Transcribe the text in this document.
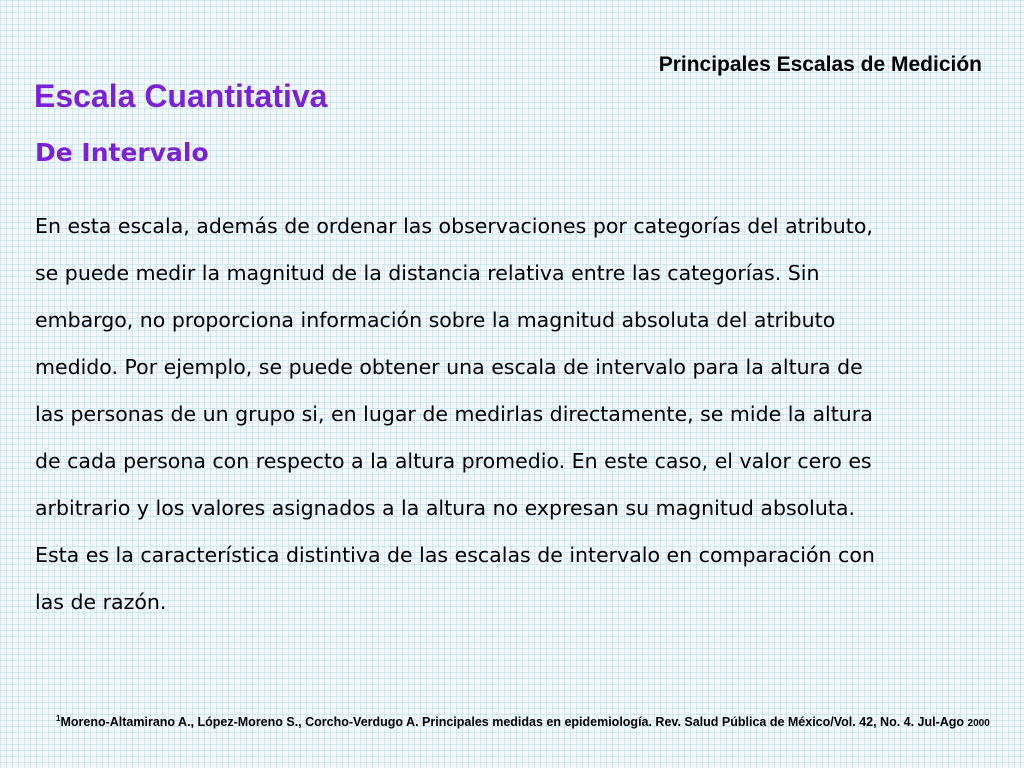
Principales Escalas de Medición
Escala Cuantitativa
De Intervalo
En esta escala, además de ordenar las observaciones por categorías del atributo,
se puede medir la magnitud de la distancia relativa entre las categorías. Sin
embargo, no proporciona información sobre la magnitud absoluta del atributo
medido. Por ejemplo, se puede obtener una escala de intervalo para la altura de
las personas de un grupo si, en lugar de medirlas directamente, se mide la altura
de cada persona con respecto a la altura promedio. En este caso, el valor cero es
arbitrario y los valores asignados a la altura no expresan su magnitud absoluta.
Esta es la característica distintiva de las escalas de intervalo en comparación con
las de razón.
$^1$Moreno-Altamirano A., López-Moreno S., Corcho-Verdugo A. Principales medidas en epidemiología. Rev. Salud Pública de México/Vol. 42, No. 4. Jul-Ago 2000
